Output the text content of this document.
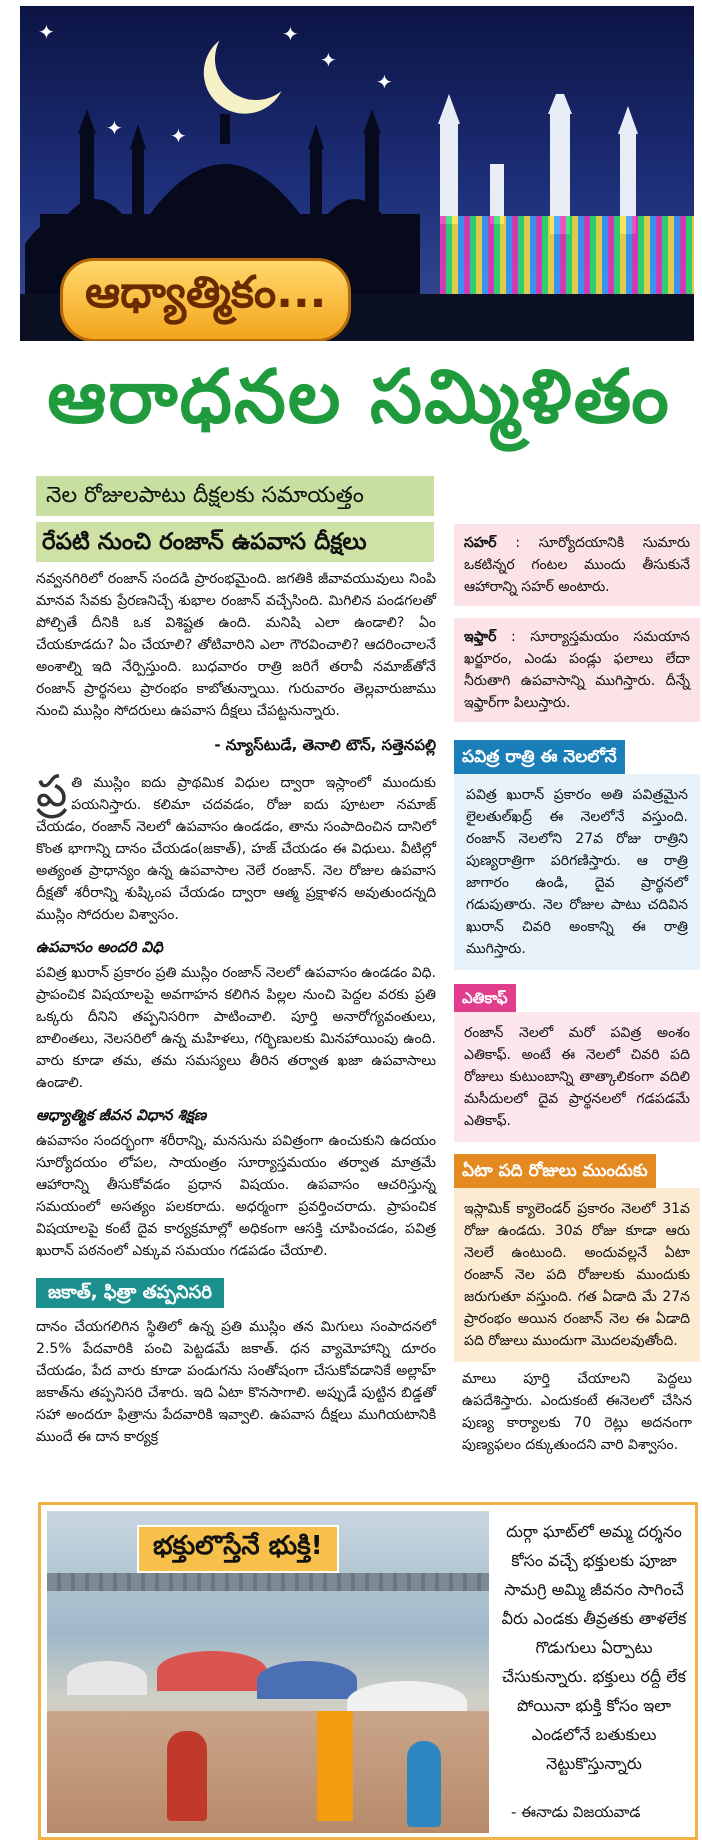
✦	✦
✦
✦
✦
✦
ఆధ్యాత్మికం...
ఆరాధనల సమ్మిళితం
నెల రోజులపాటు దీక్షలకు సమాయత్తం
రేపటి నుంచి రంజాన్ ఉపవాస దీక్షలు

నవ్వనగిరిలో రంజాన్ సందడి ప్రారంభమైంది. జగతికి జీవావయువులు నింపి మానవ సేవకు ప్రేరణనిచ్చే శుభాల రంజాన్ వచ్చేసింది. మిగిలిన పండగలతో పోల్చితే దీనికి ఒక విశిష్టత ఉంది. మనిషి ఎలా ఉండాలి? ఏం చేయకూడదు? ఏం చేయాలి? తోటివారిని ఎలా గౌరవించాలి? ఆదరించాలనే అంశాల్ని ఇది నేర్పిస్తుంది. బుధవారం రాత్రి జరిగే తరావీ నమాజ్‌తోనే రంజాన్ ప్రార్థనలు ప్రారంభం కాబోతున్నాయి. గురువారం తెల్లవారుజాము నుంచి ముస్లిం సోదరులు ఉపవాస దీక్షలు చేపట్టనున్నారు.

- న్యూస్‌టుడే, తెనాలి టౌన్, సత్తెనపల్లి

ప్ర తి ముస్లిం ఐదు ప్రాథమిక విధుల ద్వారా ఇస్లాంలో ముందుకు పయనిస్తారు. కలిమా చదవడం, రోజు ఐదు పూటలా నమాజ్ చేయడం, రంజాన్ నెలలో ఉపవాసం ఉండడం, తాను సంపాదించిన దానిలో కొంత భాగాన్ని దానం చేయడం(జకాత్), హజ్ చేయడం ఈ విధులు. వీటిల్లో అత్యంత ప్రాధాన్యం ఉన్న ఉపవాసాల నెలే రంజాన్. నెల రోజుల ఉపవాస దీక్షతో శరీరాన్ని శుష్కింప చేయడం ద్వారా ఆత్మ ప్రక్షాళన అవుతుందన్నది ముస్లిం సోదరుల విశ్వాసం.

ఉపవాసం అందరి విధి

పవిత్ర ఖురాన్ ప్రకారం ప్రతి ముస్లిం రంజాన్ నెలలో ఉపవాసం ఉండడం విధి. ప్రాపంచిక విషయాలపై అవగాహన కలిగిన పిల్లల నుంచి పెద్దల వరకు ప్రతి ఒక్కరు దీనిని తప్పనిసరిగా పాటించాలి. పూర్తి అనారోగ్యవంతులు, బాలింతలు, నెలసరిలో ఉన్న మహిళలు, గర్భిణులకు మినహాయింపు ఉంది. వారు కూడా తమ, తమ సమస్యలు తీరిన తర్వాత ఖజా ఉపవాసాలు ఉండాలి.

ఆధ్యాత్మిక జీవన విధాన శిక్షణ

ఉపవాసం సందర్భంగా శరీరాన్ని, మనసును పవిత్రంగా ఉంచుకుని ఉదయం సూర్యోదయం లోపల, సాయంత్రం సూర్యాస్తమయం తర్వాత మాత్రమే ఆహారాన్ని తీసుకోవడం ప్రధాన విషయం. ఉపవాసం ఆచరిస్తున్న సమయంలో అసత్యం పలకరాదు. అధర్మంగా ప్రవర్తించరాదు. ప్రాపంచిక విషయాలపై కంటే దైవ కార్యక్రమాల్లో అధికంగా ఆసక్తి చూపించడం, పవిత్ర ఖురాన్ పఠనంలో ఎక్కువ సమయం గడపడం చేయాలి.

జకాత్, ఫిత్రా తప్పనిసరి

దానం చేయగలిగిన స్థితిలో ఉన్న ప్రతి ముస్లిం తన మిగులు సంపాదనలో 2.5% పేదవారికి పంచి పెట్టడమే జకాత్. ధన వ్యామోహాన్ని దూరం చేయడం, పేద వారు కూడా పండుగను సంతోషంగా చేసుకోవడానికే అల్లాహ్ జకాత్‌ను తప్పనిసరి చేశారు. ఇది ఏటా కొనసాగాలి. అప్పుడే పుట్టిన బిడ్డతో సహా అందరూ ఫిత్రాను పేదవారికి ఇవ్వాలి. ఉపవాస దీక్షలు ముగియటానికి ముందే ఈ దాన కార్యక్ర

సహర్ : సూర్యోదయానికి సుమారు ఒకటిన్నర గంటల ముందు తీసుకునే ఆహారాన్ని సహర్ అంటారు.
ఇఫ్తార్ : సూర్యాస్తమయం సమయాన ఖర్జూరం, ఎండు పండ్లు ఫలాలు లేదా నీరుతాగి ఉపవాసాన్ని ముగిస్తారు. దీన్నే ఇఫ్తార్‌గా పిలుస్తారు.
పవిత్ర రాత్రి ఈ నెలలోనే
పవిత్ర ఖురాన్ ప్రకారం అతి పవిత్రమైన లైలతుల్‌ఖద్ర్ ఈ నెలలోనే వస్తుంది. రంజాన్ నెలలోని 27వ రోజు రాత్రిని పుణ్యరాత్రిగా పరిగణిస్తారు. ఆ రాత్రి జాగారం ఉండి, దైవ ప్రార్థనలో గడుపుతారు. నెల రోజుల పాటు చదివిన ఖురాన్ చివరి అంకాన్ని ఈ రాత్రి ముగిస్తారు.
ఎతికాఫ్
రంజాన్ నెలలో మరో పవిత్ర అంశం ఎతికాఫ్. అంటే ఈ నెలలో చివరి పది రోజులు కుటుంబాన్ని తాత్కాలికంగా వదిలి మసీదులలో దైవ ప్రార్థనలలో గడపడమే ఎతికాఫ్.
ఏటా పది రోజులు ముందుకు
ఇస్లామిక్ క్యాలెండర్ ప్రకారం నెలలో 31వ రోజు ఉండదు. 30వ రోజు కూడా ఆరు నెలలే ఉంటుంది. అందువల్లనే ఏటా రంజాన్ నెల పది రోజులకు ముందుకు జరుగుతూ వస్తుంది. గత ఏడాది మే 27న ప్రారంభం అయిన రంజాన్ నెల ఈ ఏడాది పది రోజులు ముందుగా మొదలవుతోంది.
మాలు పూర్తి చేయాలని పెద్దలు ఉపదేశిస్తారు. ఎందుకంటే ఈనెలలో చేసిన పుణ్య కార్యాలకు 70 రెట్లు అదనంగా పుణ్యఫలం దక్కుతుందని వారి విశ్వాసం.
భక్తులొస్తేనే భుక్తి!	దుర్గా ఘాట్‌లో అమ్మ దర్శనం కోసం వచ్చే భక్తులకు పూజా సామగ్రి అమ్మి జీవనం సాగించే వీరు ఎండకు తీవ్రతకు తాళలేక గొడుగులు ఏర్పాటు చేసుకున్నారు. భక్తులు రద్దీ లేక పోయినా భుక్తి కోసం ఇలా ఎండలోనే బతుకులు నెట్టుకొస్తున్నారు
- ఈనాడు విజయవాడ
